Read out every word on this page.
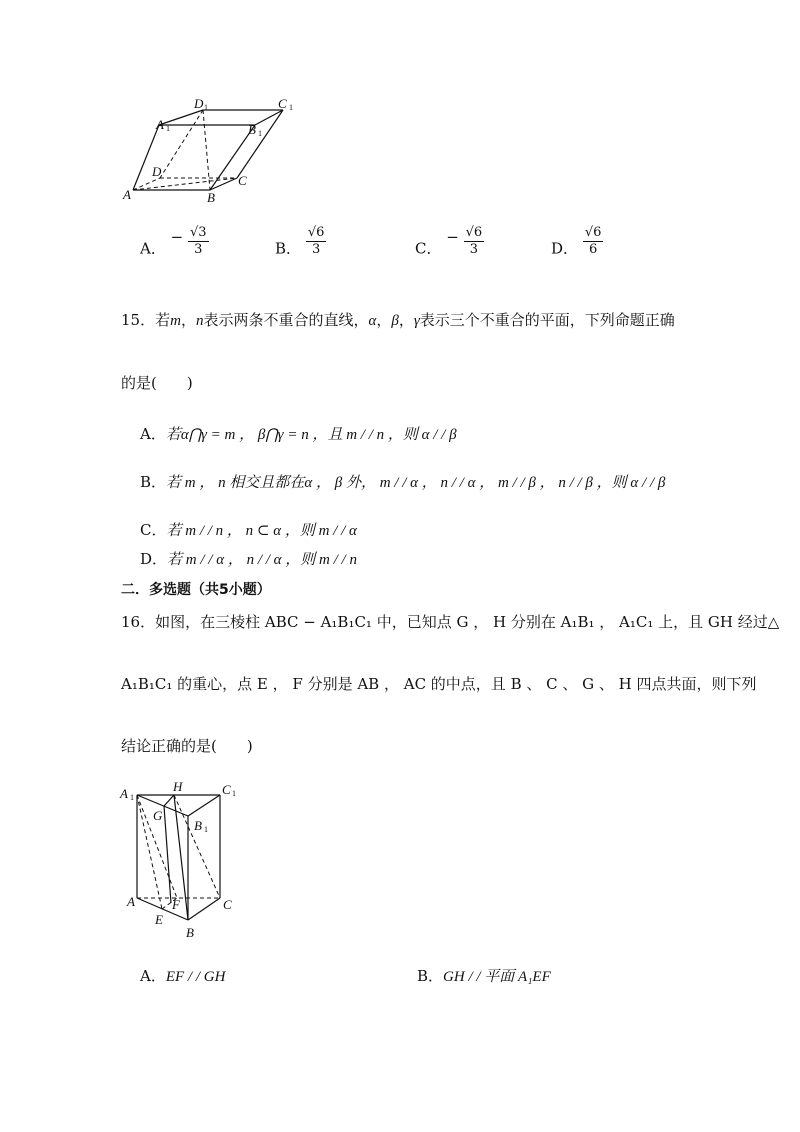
D 1	C 1
A 1	B 1
D
C
A	B
A． − $\frac{√3}{3}$	B． $\frac{√6}{3}$	C． − $\frac{√6}{3}$	D． $\frac{√6}{6}$
15．若m，n表示两条不重合的直线，α，β，γ表示三个不重合的平面，下列命题正确
的是(　　)
A．若α⋂γ = m ， β⋂γ = n ，且 m / / n ，则 α / / β
B．若 m ， n 相交且都在α ， β 外， m / / α ， n / / α ， m / / β ， n / / β ，则 α / / β
C．若 m / / n ， n ⊂ α ，则 m / / α
D．若 m / / α ， n / / α ，则 m / / n
二．多选题（共5小题）
16．如图，在三棱柱 ABC − A₁B₁C₁ 中，已知点 G ， H 分别在 A₁B₁ ， A₁C₁ 上，且 GH 经过△
A₁B₁C₁ 的重心，点 E ， F 分别是 AB ， AC 的中点，且 B 、 C 、 G 、 H 四点共面，则下列
结论正确的是(　　)
A 1
H	C 1
G
B 1
A	F	C
E
B
A．EF / / GH	B．GH / / 平面 A₁EF
